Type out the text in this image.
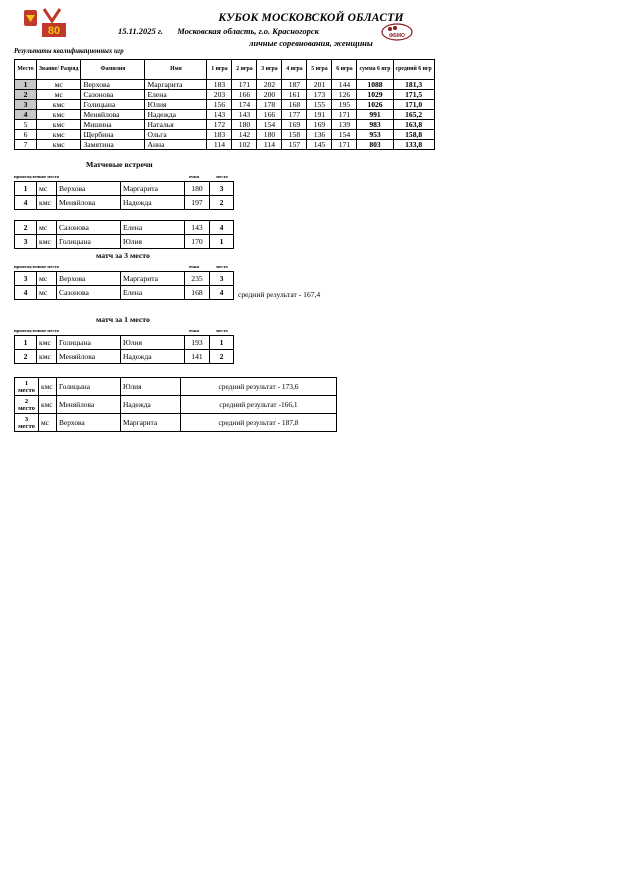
80	ФБМО
КУБОК МОСКОВСКОЙ ОБЛАСТИ
15.11.2025 г. Московская область, г.о. Красногорск
личные соревнования, женщины
Результаты квалификационных игр
Место	Звание/ Разряд	Фамилия	Имя	1 игра	2 игра	3 игра	4 игра	5 игра	6 игра	сумма 6 игр	средний 6 игр
1	мс	Верхова	Маргарита	183	171	202	187	201	144	1088	181,3
2	мс	Сазонова	Елена	203	166	200	161	173	126	1029	171,5
3	кмс	Голицына	Юлия	156	174	178	168	155	195	1026	171,0
4	кмс	Меняйлова	Надежда	143	143	166	177	191	171	991	165,2
5	кмс	Мишина	Наталья	172	180	154	169	169	139	983	163,8
6	кмс	Щербина	Ольга	183	142	180	158	136	154	953	158,8
7	кмс	Замятина	Анна	114	102	114	157	145	171	803	133,8
Матчевые встречи
промежуточное место	очки	место
1	мс	Верхова	Маргарита	180	3
4	кмс	Меняйлова	Надежда	197	2
2	мс	Сазонова	Елена	143	4
3	кмс	Голицына	Юлия	170	1
матч за 3 место
промежуточное место	очки	место
3	мс	Верхова	Маргарита	235	3
4	мс	Сазонова	Елена	168	4 средний результат - 167,4
матч за 1 место
промежуточное место	очки	место
1	кмс	Голицына	Юлия	193	1
2	кмс	Меняйлова	Надежда	141	2
1
место	кмс	Голицына	Юлия	средний результат - 173,6

2
место	кмс	Меняйлова	Надежда	средний результат -166,1

3
место	мс	Верхова	Маргарита	средний результат - 187,8
